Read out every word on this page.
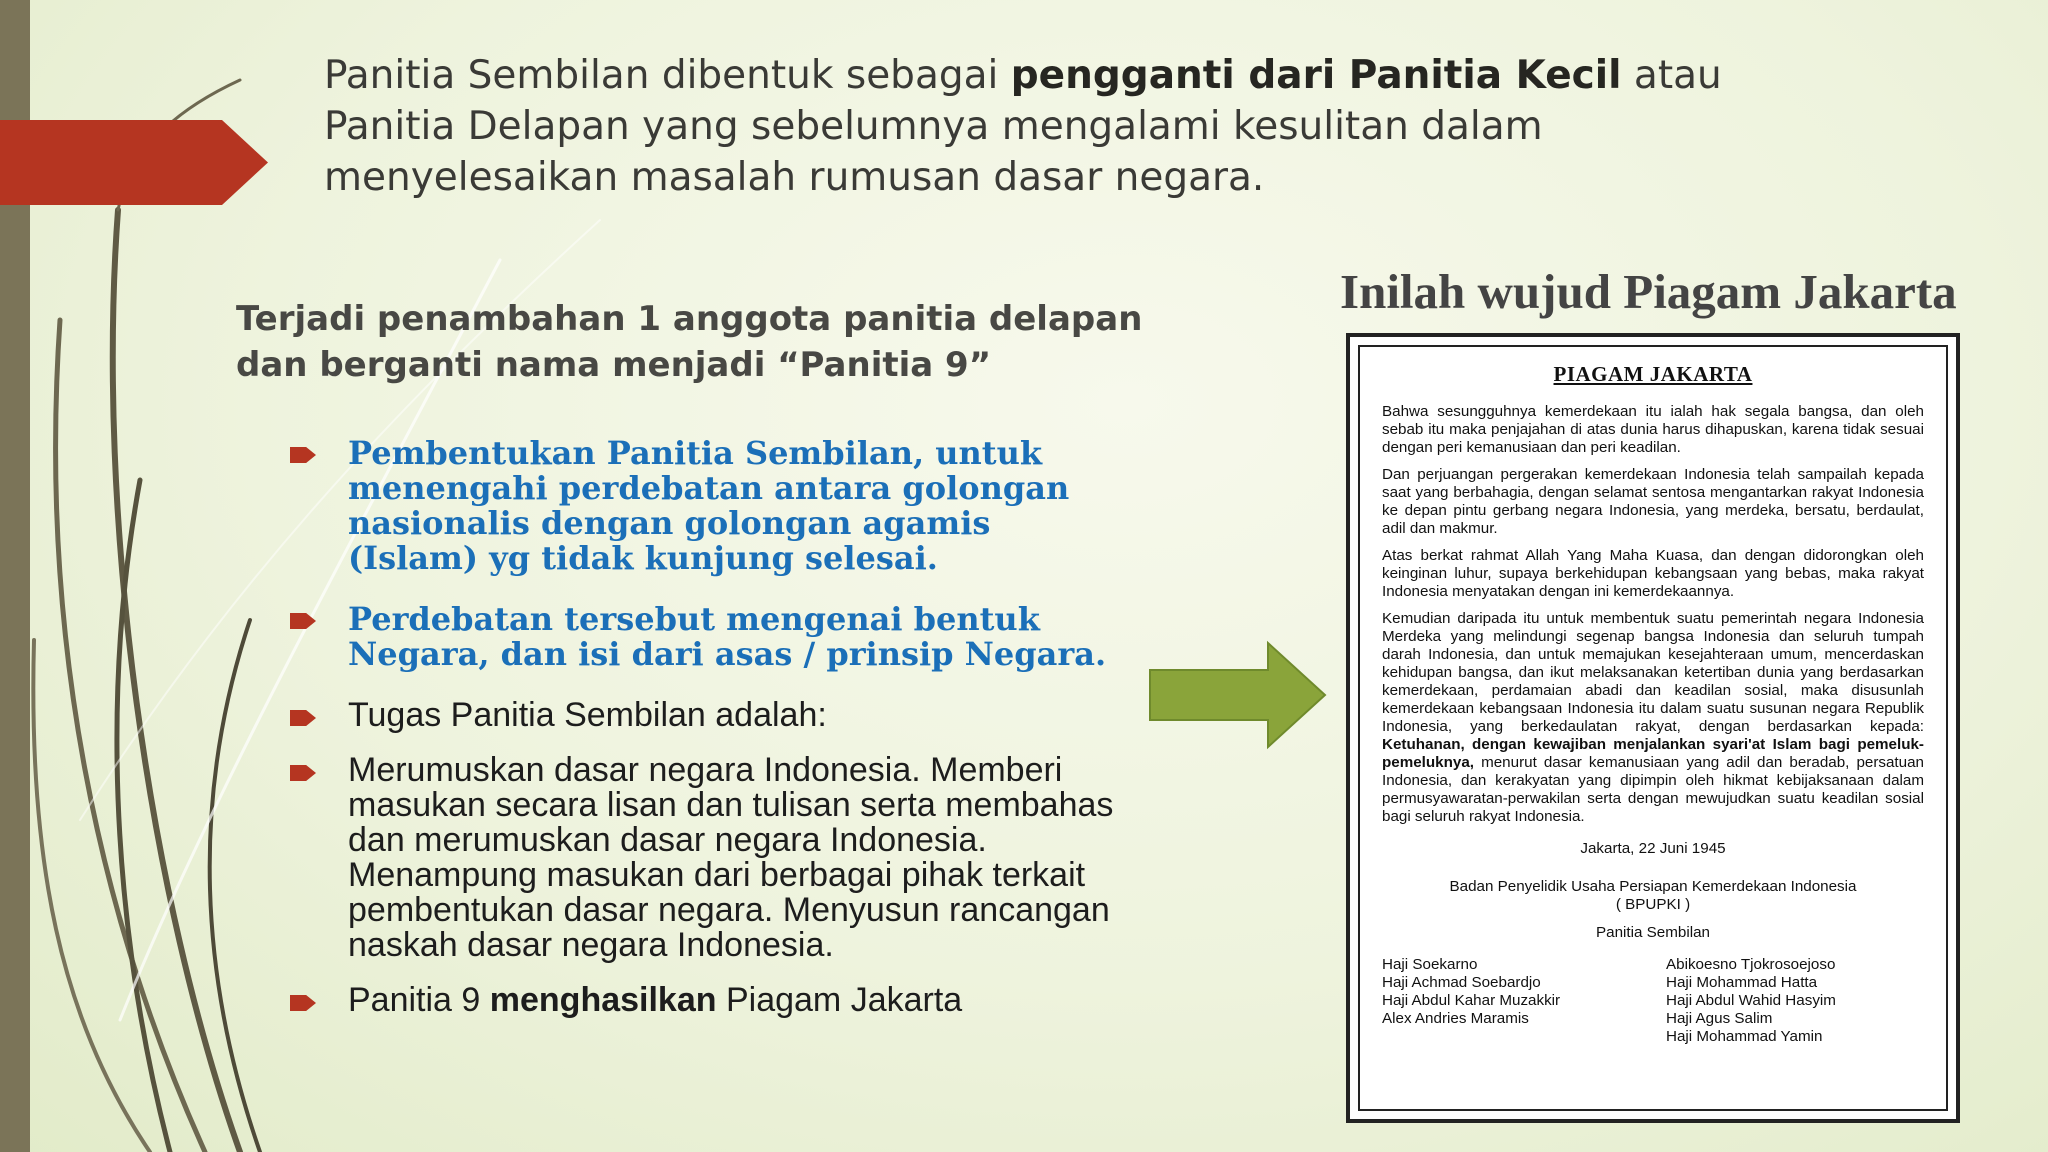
Panitia Sembilan dibentuk sebagai pengganti dari Panitia Kecil atau Panitia Delapan yang sebelumnya mengalami kesulitan dalam menyelesaikan masalah rumusan dasar negara.
Terjadi penambahan 1 anggota panitia delapan dan berganti nama menjadi “Panitia 9”
Pembentukan Panitia Sembilan, untuk menengahi perdebatan antara golongan nasionalis dengan golongan agamis (Islam) yg tidak kunjung selesai.
Perdebatan tersebut mengenai bentuk Negara, dan isi dari asas / prinsip Negara.
Tugas Panitia Sembilan adalah:
Merumuskan dasar negara Indonesia. Memberi masukan secara lisan dan tulisan serta membahas dan merumuskan dasar negara Indonesia. Menampung masukan dari berbagai pihak terkait pembentukan dasar negara. Menyusun rancangan naskah dasar negara Indonesia.
Panitia 9 menghasilkan Piagam Jakarta
Inilah wujud Piagam Jakarta
PIAGAM JAKARTA

Bahwa sesungguhnya kemerdekaan itu ialah hak segala bangsa, dan oleh sebab itu maka penjajahan di atas dunia harus dihapuskan, karena tidak sesuai dengan peri kemanusiaan dan peri keadilan.

Dan perjuangan pergerakan kemerdekaan Indonesia telah sampailah kepada saat yang berbahagia, dengan selamat sentosa mengantarkan rakyat Indonesia ke depan pintu gerbang negara Indonesia, yang merdeka, bersatu, berdaulat, adil dan makmur.

Atas berkat rahmat Allah Yang Maha Kuasa, dan dengan didorongkan oleh keinginan luhur, supaya berkehidupan kebangsaan yang bebas, maka rakyat Indonesia menyatakan dengan ini kemerdekaannya.

Kemudian daripada itu untuk membentuk suatu pemerintah negara Indonesia Merdeka yang melindungi segenap bangsa Indonesia dan seluruh tumpah darah Indonesia, dan untuk memajukan kesejahteraan umum, mencerdaskan kehidupan bangsa, dan ikut melaksanakan ketertiban dunia yang berdasarkan kemerdekaan, perdamaian abadi dan keadilan sosial, maka disusunlah kemerdekaan kebangsaan Indonesia itu dalam suatu susunan negara Republik Indonesia, yang berkedaulatan rakyat, dengan berdasarkan kepada: Ketuhanan, dengan kewajiban menjalankan syari'at Islam bagi pemeluk-pemeluknya, menurut dasar kemanusiaan yang adil dan beradab, persatuan Indonesia, dan kerakyatan yang dipimpin oleh hikmat kebijaksanaan dalam permusyawaratan-perwakilan serta dengan mewujudkan suatu keadilan sosial bagi seluruh rakyat Indonesia.

Jakarta, 22 Juni 1945

Badan Penyelidik Usaha Persiapan Kemerdekaan Indonesia

( BPUPKI )

Panitia Sembilan

Haji Soekarno
Haji Achmad Soebardjo
Haji Abdul Kahar Muzakkir
Alex Andries Maramis
Abikoesno Tjokrosoejoso
Haji Mohammad Hatta
Haji Abdul Wahid Hasyim
Haji Agus Salim
Haji Mohammad Yamin
